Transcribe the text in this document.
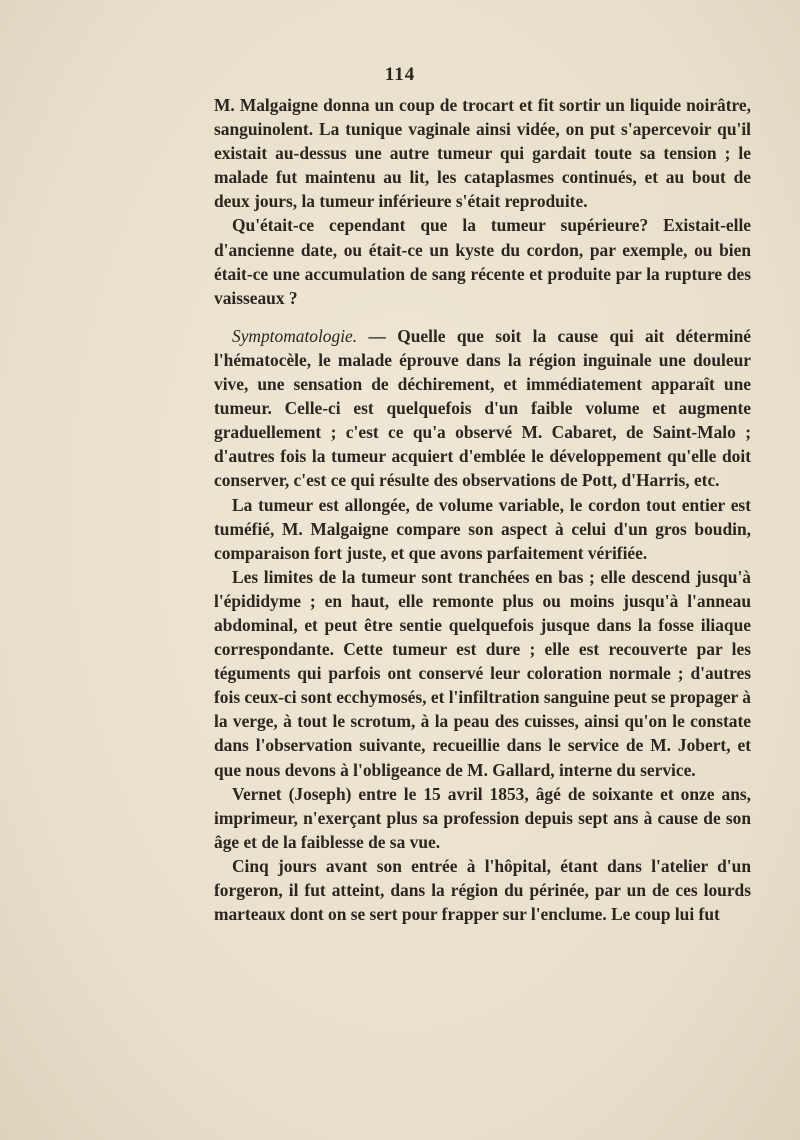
114

M. Malgaigne donna un coup de trocart et fit sortir un liquide noirâtre, sanguinolent. La tunique vaginale ainsi vidée, on put s'apercevoir qu'il existait au-dessus une autre tumeur qui gardait toute sa tension ; le malade fut maintenu au lit, les cataplasmes continués, et au bout de deux jours, la tumeur inférieure s'était reproduite.

Qu'était-ce cependant que la tumeur supérieure? Existait-elle d'ancienne date, ou était-ce un kyste du cordon, par exemple, ou bien était-ce une accumulation de sang récente et produite par la rupture des vaisseaux ?

Symptomatologie. — Quelle que soit la cause qui ait déterminé l'hématocèle, le malade éprouve dans la région inguinale une douleur vive, une sensation de déchirement, et immédiatement apparaît une tumeur. Celle-ci est quelquefois d'un faible volume et augmente graduellement ; c'est ce qu'a observé M. Cabaret, de Saint-Malo ; d'autres fois la tumeur acquiert d'emblée le développement qu'elle doit conserver, c'est ce qui résulte des observations de Pott, d'Harris, etc.

La tumeur est allongée, de volume variable, le cordon tout entier est tuméfié, M. Malgaigne compare son aspect à celui d'un gros boudin, comparaison fort juste, et que avons parfaitement vérifiée.

Les limites de la tumeur sont tranchées en bas ; elle descend jusqu'à l'épididyme ; en haut, elle remonte plus ou moins jusqu'à l'anneau abdominal, et peut être sentie quelquefois jusque dans la fosse iliaque correspondante. Cette tumeur est dure ; elle est recouverte par les téguments qui parfois ont conservé leur coloration normale ; d'autres fois ceux-ci sont ecchymosés, et l'infiltration sanguine peut se propager à la verge, à tout le scrotum, à la peau des cuisses, ainsi qu'on le constate dans l'observation suivante, recueillie dans le service de M. Jobert, et que nous devons à l'obligeance de M. Gallard, interne du service.

Vernet (Joseph) entre le 15 avril 1853, âgé de soixante et onze ans, imprimeur, n'exerçant plus sa profession depuis sept ans à cause de son âge et de la faiblesse de sa vue.

Cinq jours avant son entrée à l'hôpital, étant dans l'atelier d'un forgeron, il fut atteint, dans la région du périnée, par un de ces lourds marteaux dont on se sert pour frapper sur l'enclume. Le coup lui fut
